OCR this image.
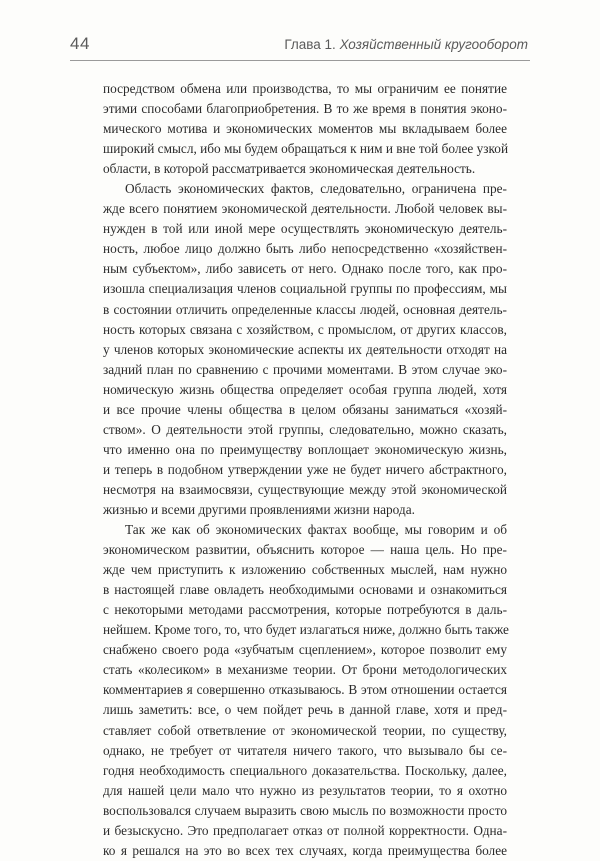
44	Глава 1. Хозяйственный кругооборот

посредством обмена или производства, то мы ограничим ее понятие
этими способами благоприобретения. В то же время в понятия эконо-
мического мотива и экономических моментов мы вкладываем более
широкий смысл, ибо мы будем обращаться к ним и вне той более узкой
области, в которой рассматривается экономическая деятельность.

Область экономических фактов, следовательно, ограничена пре-
жде всего понятием экономической деятельности. Любой человек вы-
нужден в той или иной мере осуществлять экономическую деятель-
ность, любое лицо должно быть либо непосредственно «хозяйствен-
ным субъектом», либо зависеть от него. Однако после того, как про-
изошла специализация членов социальной группы по профессиям, мы
в состоянии отличить определенные классы людей, основная деятель-
ность которых связана с хозяйством, с промыслом, от других классов,
у членов которых экономические аспекты их деятельности отходят на
задний план по сравнению с прочими моментами. В этом случае эко-
номическую жизнь общества определяет особая группа людей, хотя
и все прочие члены общества в целом обязаны заниматься «хозяй-
ством». О деятельности этой группы, следовательно, можно сказать,
что именно она по преимуществу воплощает экономическую жизнь,
и теперь в подобном утверждении уже не будет ничего абстрактного,
несмотря на взаимосвязи, существующие между этой экономической
жизнью и всеми другими проявлениями жизни народа.

Так же как об экономических фактах вообще, мы говорим и об
экономическом развитии, объяснить которое — наша цель. Но пре-
жде чем приступить к изложению собственных мыслей, нам нужно
в настоящей главе овладеть необходимыми основами и ознакомиться
с некоторыми методами рассмотрения, которые потребуются в даль-
нейшем. Кроме того, то, что будет излагаться ниже, должно быть также
снабжено своего рода «зубчатым сцеплением», которое позволит ему
стать «колесиком» в механизме теории. От брони методологических
комментариев я совершенно отказываюсь. В этом отношении остается
лишь заметить: все, о чем пойдет речь в данной главе, хотя и пред-
ставляет собой ответвление от экономической теории, по существу,
однако, не требует от читателя ничего такого, что вызывало бы се-
годня необходимость специального доказательства. Поскольку, далее,
для нашей цели мало что нужно из результатов теории, то я охотно
воспользовался случаем выразить свою мысль по возможности просто
и безыскусно. Это предполагает отказ от полной корректности. Одна-
ко я решался на это во всех тех случаях, когда преимущества более
